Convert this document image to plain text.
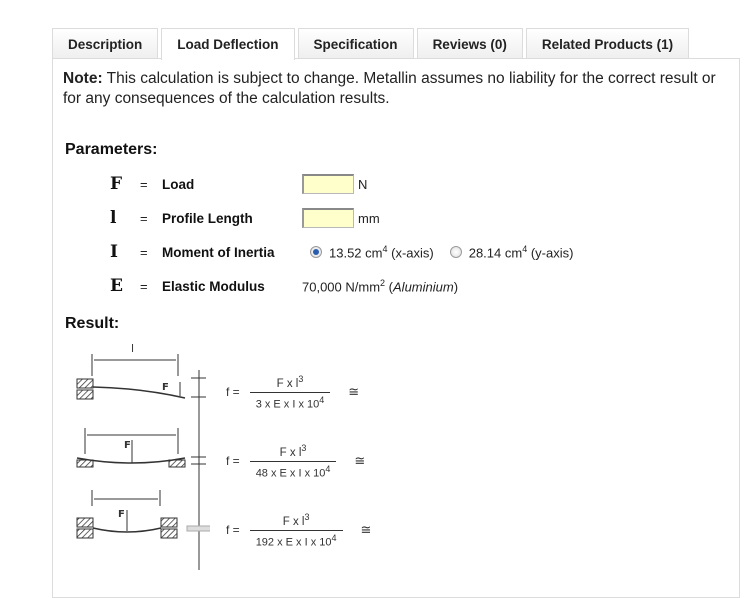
Description	Load Deflection	Specification	Reviews (0)	Related Products (1)
Note: This calculation is subject to change. Metallin assumes no liability for the correct result or for any consequences of the calculation results.
Parameters:
F	=	Load	N
l	=	Profile Length	mm
I	=	Moment of Inertia	13.52 $cm^4$ (x-axis)	28.14 $cm^4$ (y-axis)
E	=	Elastic Modulus	70,000 $N/mm^2$ (Aluminium)
Result:
l
F
F
F
$f = \frac{F x l^3}{3 x E x I x 10^4}$ ≅
$f = \frac{F x l^3}{48 x E x I x 10^4}$ ≅
$f = \frac{F x l^3}{192 x E x I x 10^4}$ ≅
